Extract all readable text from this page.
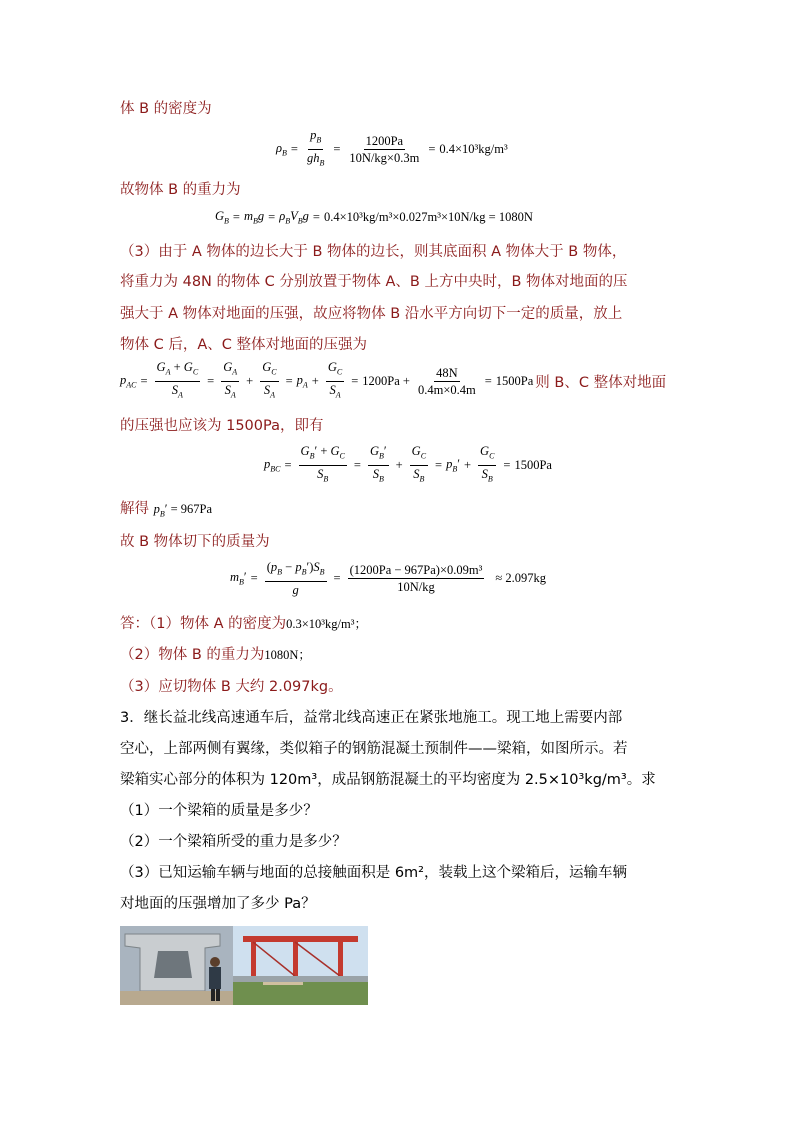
体 B 的密度为
$\rho_B = \frac{p_B}{gh_B} = \frac{1200Pa}{10N/kg\times 0.3m} = 0.4\times 10^3kg/m^3$
故物体 B 的重力为
$G_B = m_Bg = \rho_BV_Bg = 0.4\times 10^3kg/m^3\times 0.027m^3\times 10N/kg = 1080N$
（3）由于 A 物体的边长大于 B 物体的边长，则其底面积 A 物体大于 B 物体，
将重力为 48N 的物体 C 分别放置于物体 A、B 上方中央时，B 物体对地面的压
强大于 A 物体对地面的压强，故应将物体 B 沿水平方向切下一定的质量，放上
物体 C 后，A、C 整体对地面的压强为
$p_{AC} = \frac{G_A + G_C}{S_A} = \frac{G_A}{S_A} + \frac{G_C}{S_A} = p_A + \frac{G_C}{S_A} = 1200Pa + \frac{48N}{0.4m\times 0.4m} = 1500Pa$ 则 B、C 整体对地面
的压强也应该为 1500Pa，即有
$p_{BC} = \frac{G_B' + G_C}{S_B} = \frac{G_B'}{S_B} + \frac{G_C}{S_B} = p_B' + \frac{G_C}{S_B} = 1500Pa$
解得 $p_B' = 967Pa$
故 B 物体切下的质量为
$m_B' = \frac{(p_B - p_B')S_B}{g} = \frac{\text{(1200Pa − 967Pa)×0.09m³}}{10N/kg} \approx 2.097kg$
答：（1）物体 A 的密度为0.3×10³kg/m³；
（2）物体 B 的重力为1080N；
（3）应切物体 B 大约 2.097kg。
3．继长益北线高速通车后，益常北线高速正在紧张地施工。现工地上需要内部
空心，上部两侧有翼缘，类似箱子的钢筋混凝土预制件——梁箱，如图所示。若
梁箱实心部分的体积为 120m³，成品钢筋混凝土的平均密度为 2.5×10³kg/m³。求
（1）一个梁箱的质量是多少？
（2）一个梁箱所受的重力是多少？
（3）已知运输车辆与地面的总接触面积是 6m²，装载上这个梁箱后，运输车辆
对地面的压强增加了多少 Pa？
